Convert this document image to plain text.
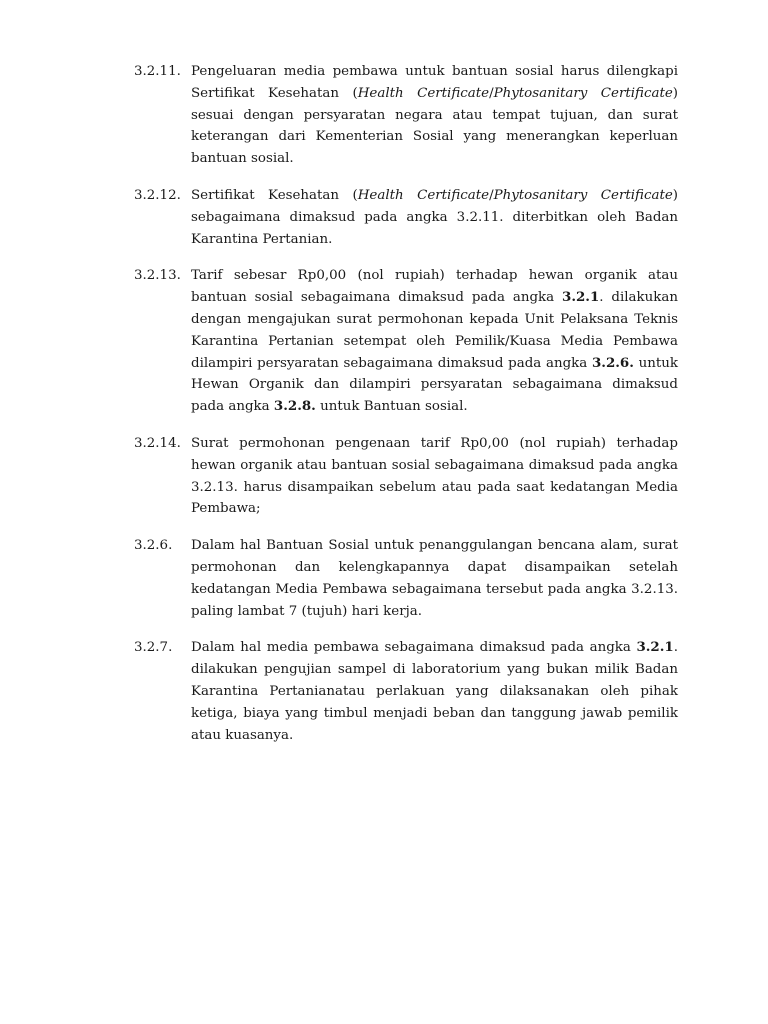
3.2.11. Pengeluaran media pembawa untuk bantuan sosial harus dilengkapi Sertifikat Kesehatan (Health Certificate/Phytosanitary Certificate) sesuai dengan persyaratan negara atau tempat tujuan, dan surat keterangan dari Kementerian Sosial yang menerangkan keperluan bantuan sosial.
3.2.12. Sertifikat Kesehatan (Health Certificate/Phytosanitary Certificate) sebagaimana dimaksud pada angka 3.2.11. diterbitkan oleh Badan Karantina Pertanian.
3.2.13. Tarif sebesar Rp0,00 (nol rupiah) terhadap hewan organik atau bantuan sosial sebagaimana dimaksud pada angka 3.2.1. dilakukan dengan mengajukan surat permohonan kepada Unit Pelaksana Teknis Karantina Pertanian setempat oleh Pemilik/Kuasa Media Pembawa dilampiri persyaratan sebagaimana dimaksud pada angka 3.2.6. untuk Hewan Organik dan dilampiri persyaratan sebagaimana dimaksud pada angka 3.2.8. untuk Bantuan sosial.
3.2.14. Surat permohonan pengenaan tarif Rp0,00 (nol rupiah) terhadap hewan organik atau bantuan sosial sebagaimana dimaksud pada angka 3.2.13. harus disampaikan sebelum atau pada saat kedatangan Media Pembawa;
3.2.6.	Dalam hal Bantuan Sosial untuk penanggulangan bencana alam, surat permohonan dan kelengkapannya dapat disampaikan setelah kedatangan Media Pembawa sebagaimana tersebut pada angka 3.2.13. paling lambat 7 (tujuh) hari kerja.
3.2.7.	Dalam hal media pembawa sebagaimana dimaksud pada angka 3.2.1. dilakukan pengujian sampel di laboratorium yang bukan milik Badan Karantina Pertanianatau perlakuan yang dilaksanakan oleh pihak ketiga, biaya yang timbul menjadi beban dan tanggung jawab pemilik atau kuasanya.
